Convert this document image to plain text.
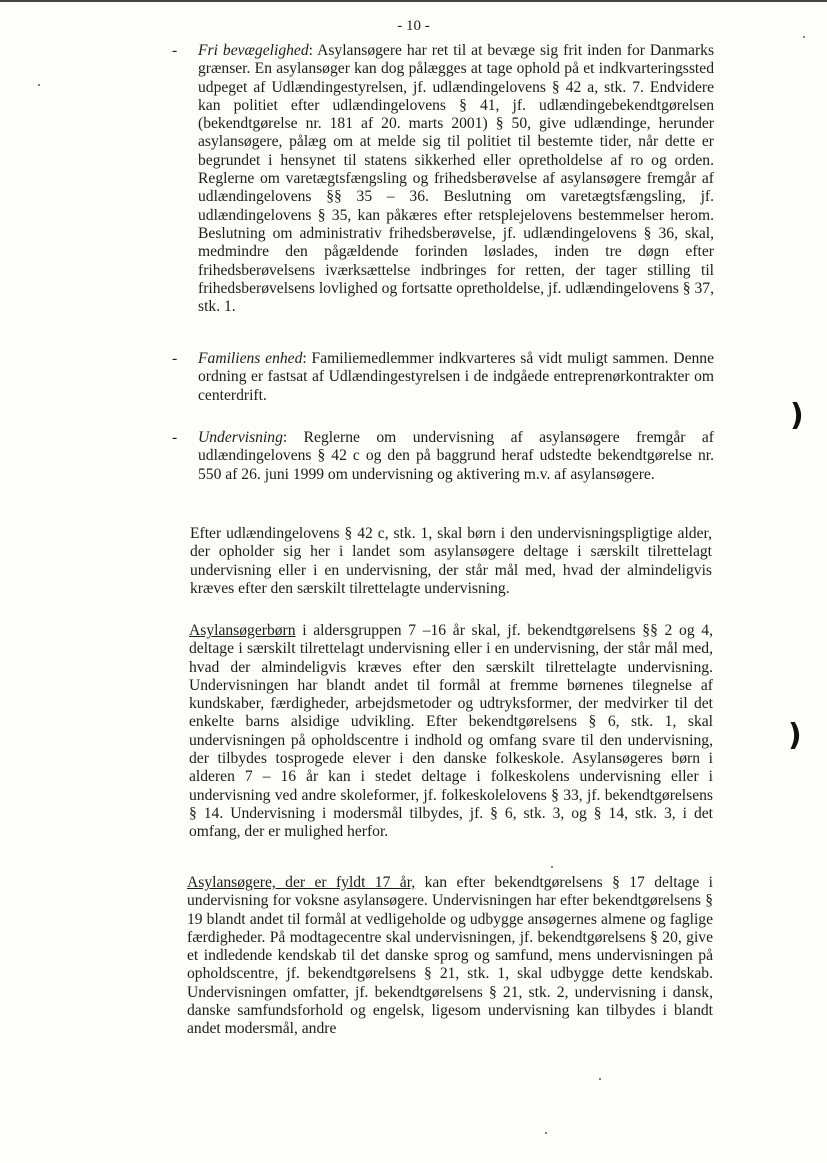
- 10 -
- Fri bevægelighed: Asylansøgere har ret til at bevæge sig frit inden for Danmarks grænser. En asylansøger kan dog pålægges at tage ophold på et indkvarteringssted udpeget af Udlændingestyrelsen, jf. udlændingelovens § 42 a, stk. 7. Endvidere kan politiet efter udlændingelovens § 41, jf. udlændingebekendtgørelsen (bekendtgørelse nr. 181 af 20. marts 2001) § 50, give udlændinge, herunder asylansøgere, pålæg om at melde sig til politiet til bestemte tider, når dette er begrundet i hensynet til statens sikkerhed eller opretholdelse af ro og orden. Reglerne om varetægtsfængsling og frihedsberøvelse af asylansøgere fremgår af udlændingelovens §§ 35 – 36. Beslutning om varetægtsfængsling, jf. udlændingelovens § 35, kan påkæres efter retsplejelovens bestemmelser herom. Beslutning om administrativ frihedsberøvelse, jf. udlændingelovens § 36, skal, medmindre den pågældende forinden løslades, inden tre døgn efter frihedsberøvelsens iværksættelse indbringes for retten, der tager stilling til frihedsberøvelsens lovlighed og fortsatte opretholdelse, jf. udlændingelovens § 37, stk. 1.
- Familiens enhed: Familiemedlemmer indkvarteres så vidt muligt sammen. Denne ordning er fastsat af Udlændingestyrelsen i de indgåede entreprenørkontrakter om centerdrift.
- Undervisning: Reglerne om undervisning af asylansøgere fremgår af udlændingelovens § 42 c og den på baggrund heraf udstedte bekendtgørelse nr. 550 af 26. juni 1999 om undervisning og aktivering m.v. af asylansøgere.
Efter udlændingelovens § 42 c, stk. 1, skal børn i den undervisningspligtige alder, der opholder sig her i landet som asylansøgere deltage i særskilt tilrettelagt undervisning eller i en undervisning, der står mål med, hvad der almindeligvis kræves efter den særskilt tilrettelagte undervisning.
Asylansøgerbørn i aldersgruppen 7 –16 år skal, jf. bekendtgørelsens §§ 2 og 4, deltage i særskilt tilrettelagt undervisning eller i en undervisning, der står mål med, hvad der almindeligvis kræves efter den særskilt tilrettelagte undervisning. Undervisningen har blandt andet til formål at fremme børnenes tilegnelse af kundskaber, færdigheder, arbejdsmetoder og udtryksformer, der medvirker til det enkelte barns alsidige udvikling. Efter bekendtgørelsens § 6, stk. 1, skal undervisningen på opholdscentre i indhold og omfang svare til den undervisning, der tilbydes tosprogede elever i den danske folkeskole. Asylansøgeres børn i alderen 7 – 16 år kan i stedet deltage i folkeskolens undervisning eller i undervisning ved andre skoleformer, jf. folkeskolelovens § 33, jf. bekendtgørelsens § 14. Undervisning i modersmål tilbydes, jf. § 6, stk. 3, og § 14, stk. 3, i det omfang, der er mulighed herfor.
Asylansøgere, der er fyldt 17 år, kan efter bekendtgørelsens § 17 deltage i undervisning for voksne asylansøgere. Undervisningen har efter bekendtgørelsens § 19 blandt andet til formål at vedligeholde og udbygge ansøgernes almene og faglige færdigheder. På modtagecentre skal undervisningen, jf. bekendtgørelsens § 20, give et indledende kendskab til det danske sprog og samfund, mens undervisningen på opholdscentre, jf. bekendtgørelsens § 21, stk. 1, skal udbygge dette kendskab. Undervisningen omfatter, jf. bekendtgørelsens § 21, stk. 2, undervisning i dansk, danske samfundsforhold og engelsk, ligesom undervisning kan tilbydes i blandt andet modersmål, andre
)
)
